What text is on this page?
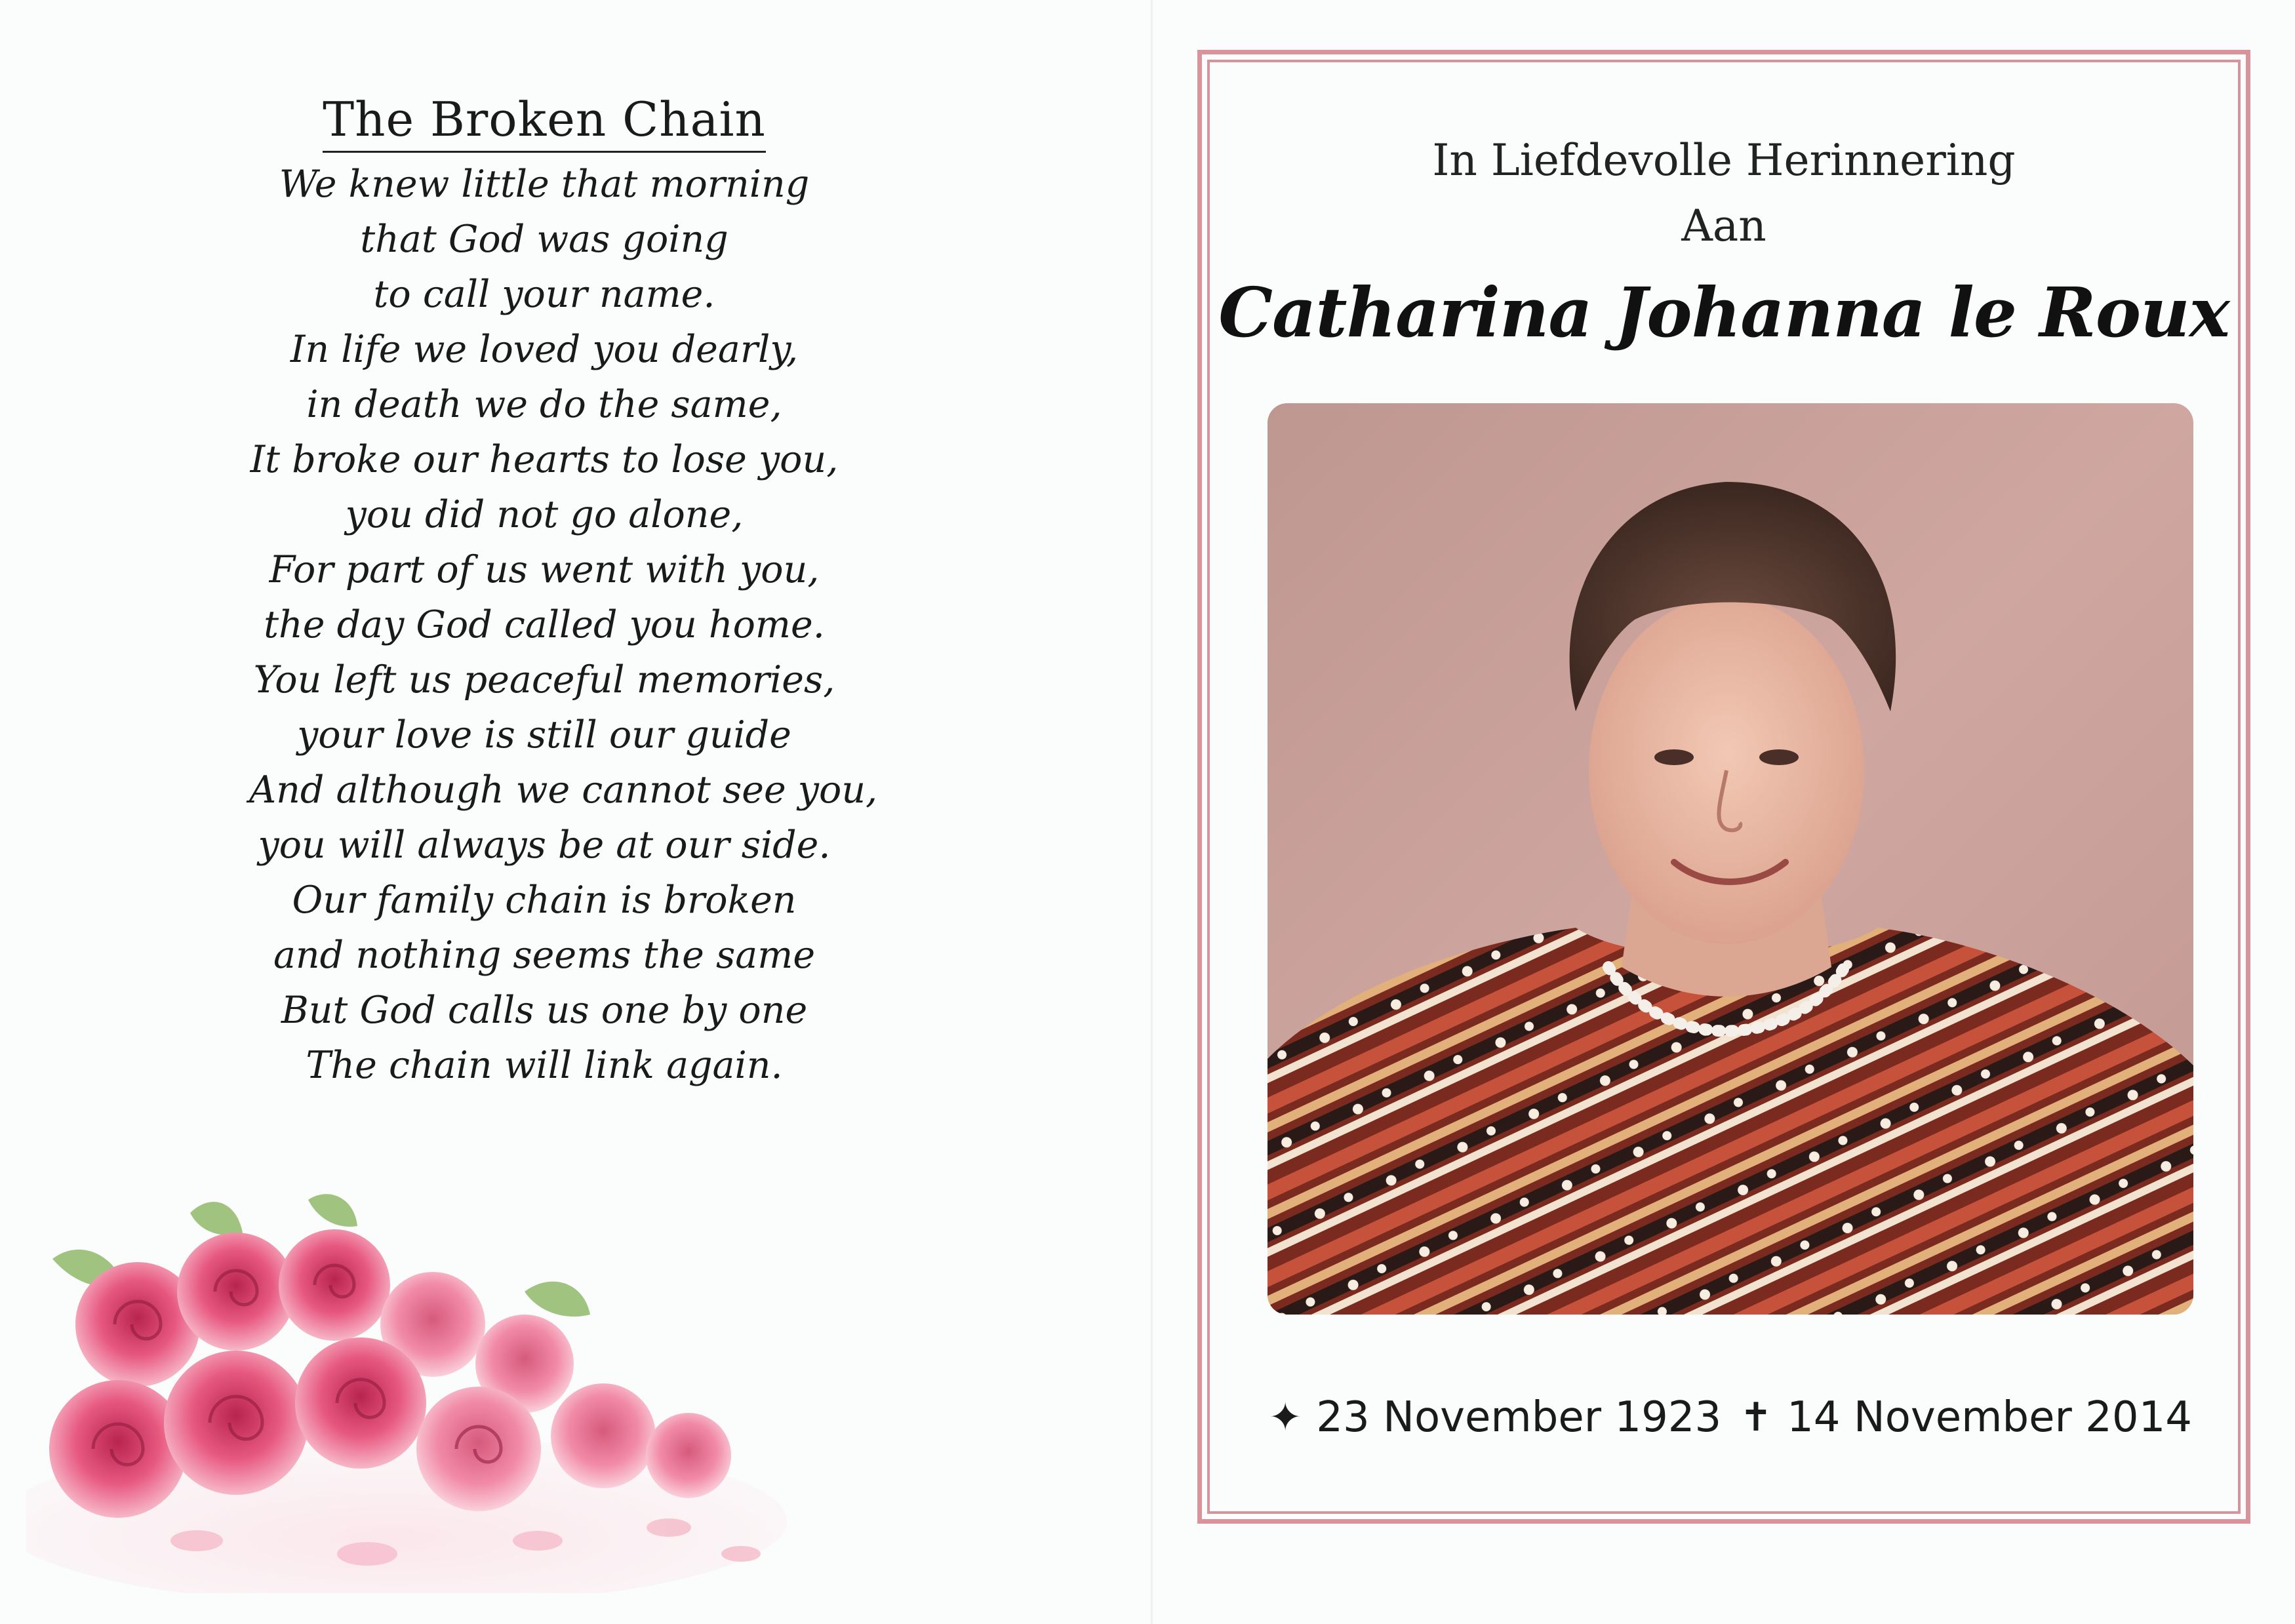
The Broken Chain
We knew little that morning
that God was going
to call your name.
In life we loved you dearly,
in death we do the same,
It broke our hearts to lose you,
you did not go alone,
For part of us went with you,
the day God called you home.
You left us peaceful memories,
your love is still our guide
And although we cannot see you,
you will always be at our side.
Our family chain is broken
and nothing seems the same
But God calls us one by one
The chain will link again.
In Liefdevolle Herinnering
Aan
Catharina Johanna le Roux
✦ 23 November 1923 ✝ 14 November 2014
